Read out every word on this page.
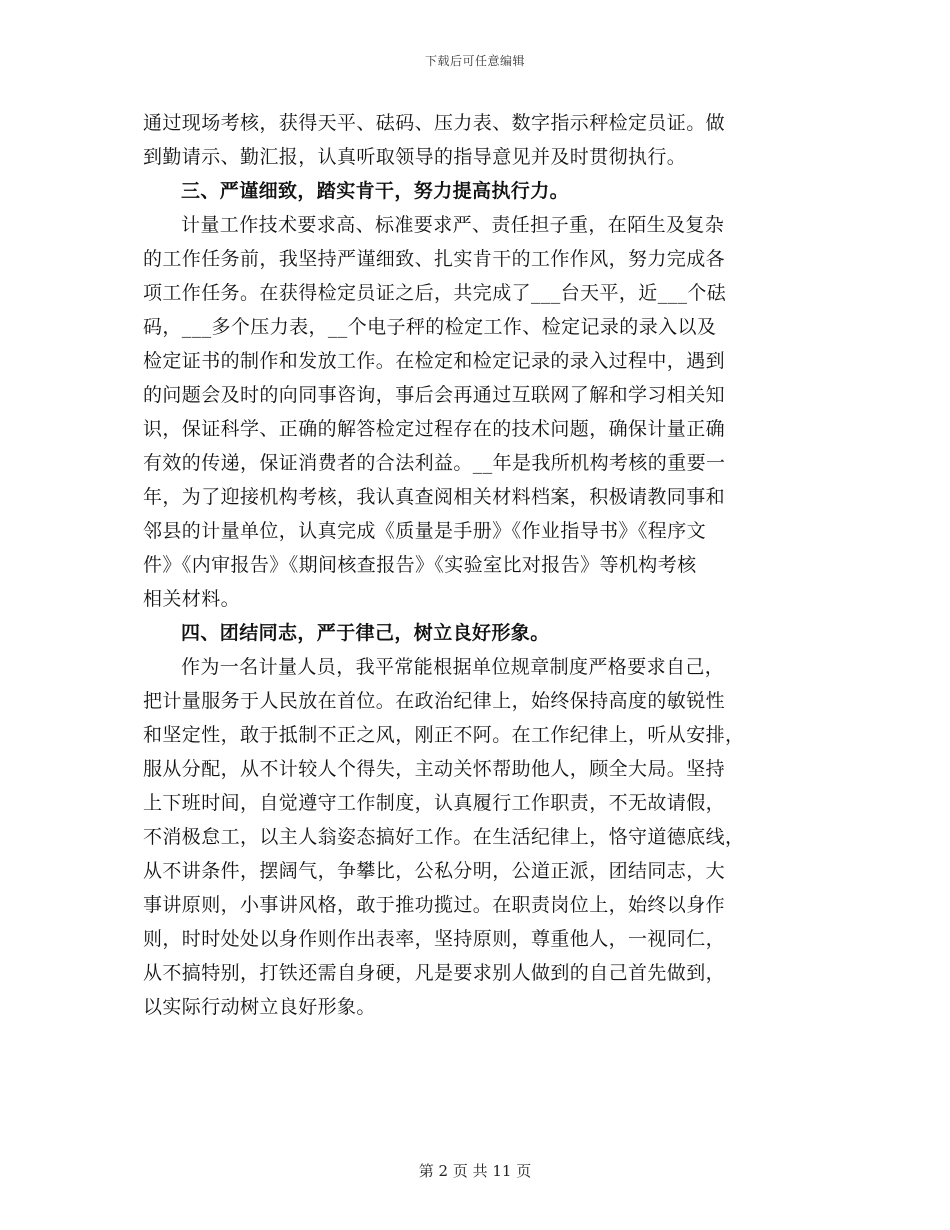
下载后可任意编辑
通过现场考核，获得天平、砝码、压力表、数字指示秤检定员证。做
到勤请示、勤汇报，认真听取领导的指导意见并及时贯彻执行。
三、严谨细致，踏实肯干，努力提高执行力。
计量工作技术要求高、标准要求严、责任担子重，在陌生及复杂
的工作任务前，我坚持严谨细致、扎实肯干的工作作风，努力完成各
项工作任务。在获得检定员证之后，共完成了___台天平，近___个砝
码，___多个压力表，__个电子秤的检定工作、检定记录的录入以及
检定证书的制作和发放工作。在检定和检定记录的录入过程中，遇到
的问题会及时的向同事咨询，事后会再通过互联网了解和学习相关知
识，保证科学、正确的解答检定过程存在的技术问题，确保计量正确
有效的传递，保证消费者的合法利益。__年是我所机构考核的重要一
年，为了迎接机构考核，我认真查阅相关材料档案，积极请教同事和
邻县的计量单位，认真完成《质量是手册》《作业指导书》《程序文
件》《内审报告》《期间核查报告》《实验室比对报告》等机构考核
相关材料。
四、团结同志，严于律己，树立良好形象。
作为一名计量人员，我平常能根据单位规章制度严格要求自己，
把计量服务于人民放在首位。在政治纪律上，始终保持高度的敏锐性
和坚定性，敢于抵制不正之风，刚正不阿。在工作纪律上，听从安排，
服从分配，从不计较人个得失，主动关怀帮助他人，顾全大局。坚持
上下班时间，自觉遵守工作制度，认真履行工作职责，不无故请假，
不消极怠工，以主人翁姿态搞好工作。在生活纪律上，恪守道德底线，
从不讲条件，摆阔气，争攀比，公私分明，公道正派，团结同志，大
事讲原则，小事讲风格，敢于推功揽过。在职责岗位上，始终以身作
则，时时处处以身作则作出表率，坚持原则，尊重他人，一视同仁，
从不搞特别，打铁还需自身硬，凡是要求别人做到的自己首先做到，
以实际行动树立良好形象。
第 2 页 共 11 页
